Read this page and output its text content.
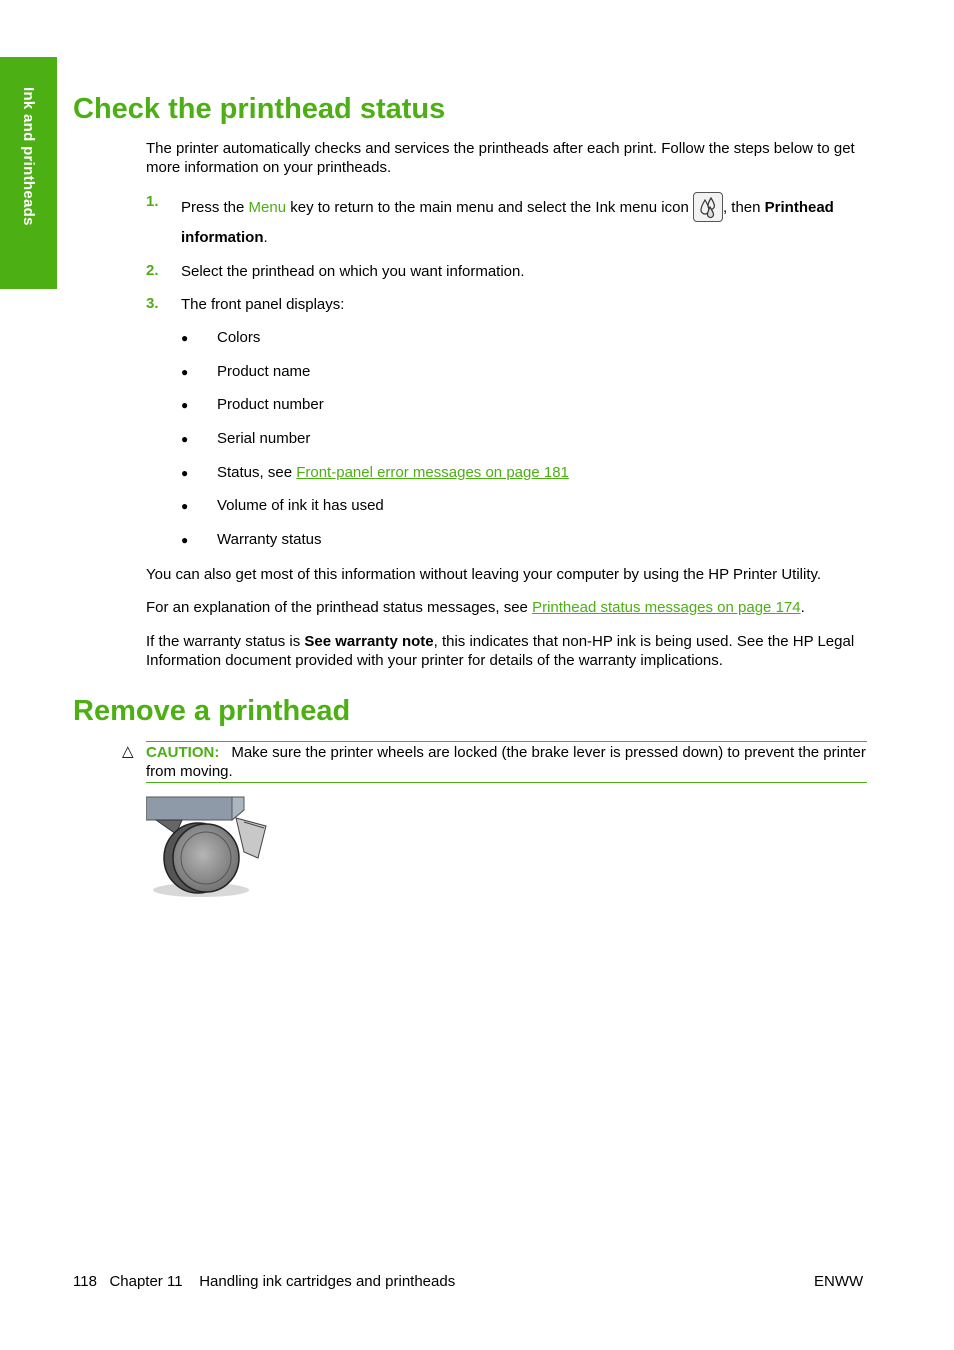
Ink and printheads Check the printhead status

The printer automatically checks and services the printheads after each print. Follow the steps below to get more information on your printheads.

1. Press the Menu key to return to the main menu and select the Ink menu icon , then Printhead information.
2. Select the printhead on which you want information.
3. The front panel displays:
● Colors
● Product name
● Product number
● Serial number
● Status, see Front-panel error messages on page 181
● Volume of ink it has used
● Warranty status

You can also get most of this information without leaving your computer by using the HP Printer Utility.

For an explanation of the printhead status messages, see Printhead status messages on page 174.

If the warranty status is See warranty note, this indicates that non-HP ink is being used. See the HP Legal Information document provided with your printer for details of the warranty implications.

Remove a printhead
△ CAUTION: Make sure the printer wheels are locked (the brake lever is pressed down) to prevent the printer from moving.
118 Chapter 11 Handling ink cartridges and printheads	ENWW
